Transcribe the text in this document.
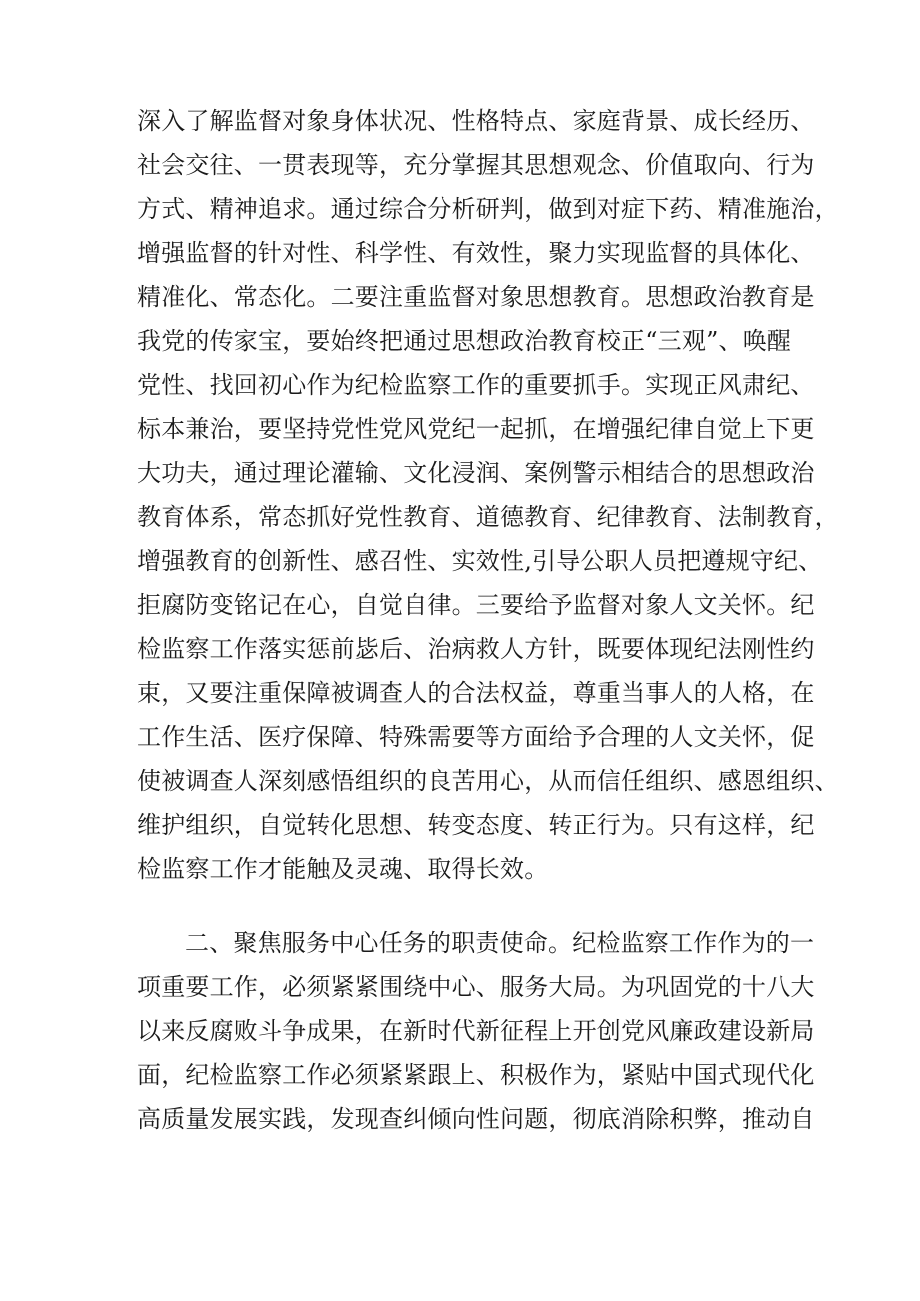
深入了解监督对象身体状况、性格特点、家庭背景、成长经历、
社会交往、一贯表现等，充分掌握其思想观念、价值取向、行为
方式、精神追求。通过综合分析研判，做到对症下药、精准施治，
增强监督的针对性、科学性、有效性，聚力实现监督的具体化、
精准化、常态化。二要注重监督对象思想教育。思想政治教育是
我党的传家宝，要始终把通过思想政治教育校正“三观”、唤醒
党性、找回初心作为纪检监察工作的重要抓手。实现正风肃纪、
标本兼治，要坚持党性党风党纪一起抓，在增强纪律自觉上下更
大功夫，通过理论灌输、文化浸润、案例警示相结合的思想政治
教育体系，常态抓好党性教育、道德教育、纪律教育、法制教育，
增强教育的创新性、感召性、实效性,引导公职人员把遵规守纪、
拒腐防变铭记在心，自觉自律。三要给予监督对象人文关怀。纪
检监察工作落实惩前毖后、治病救人方针，既要体现纪法刚性约
束，又要注重保障被调查人的合法权益，尊重当事人的人格，在
工作生活、医疗保障、特殊需要等方面给予合理的人文关怀，促
使被调查人深刻感悟组织的良苦用心，从而信任组织、感恩组织、
维护组织，自觉转化思想、转变态度、转正行为。只有这样，纪
检监察工作才能触及灵魂、取得长效。
二、聚焦服务中心任务的职责使命。纪检监察工作作为的一
项重要工作，必须紧紧围绕中心、服务大局。为巩固党的十八大
以来反腐败斗争成果，在新时代新征程上开创党风廉政建设新局
面，纪检监察工作必须紧紧跟上、积极作为，紧贴中国式现代化
高质量发展实践，发现查纠倾向性问题，彻底消除积弊，推动自
